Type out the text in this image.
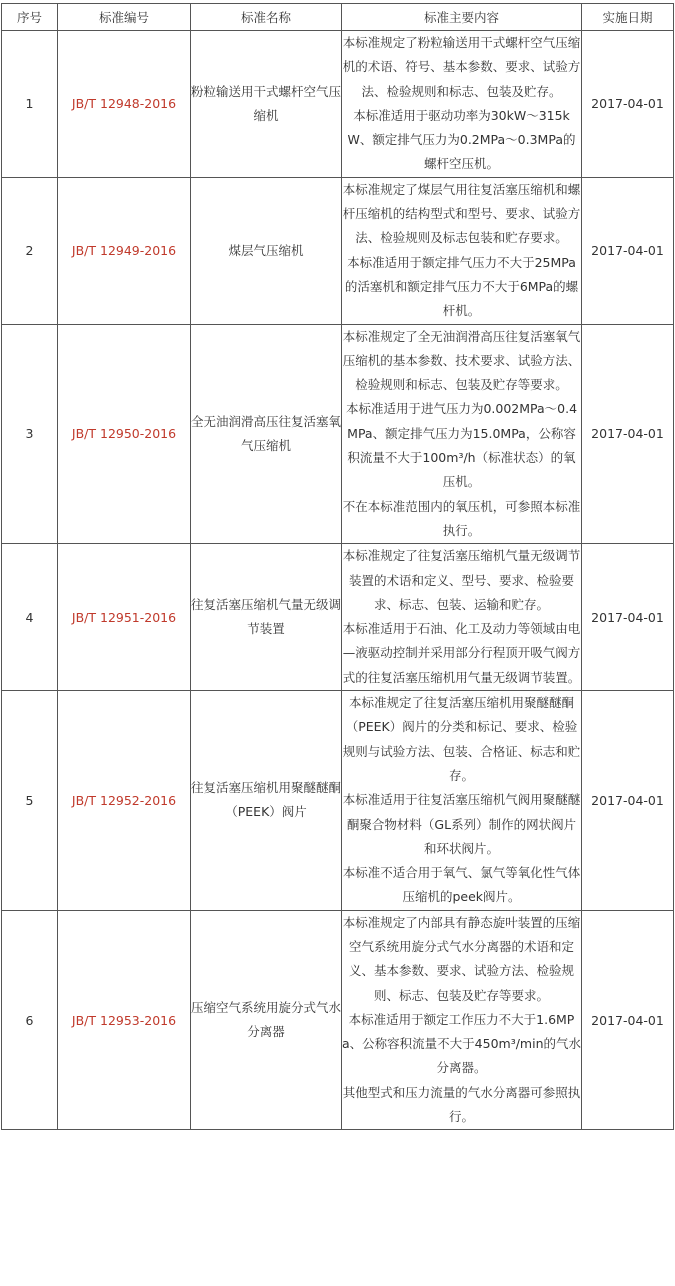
序号	标准编号	标准名称	标准主要内容	实施日期
1	JB/T 12948-2016	粉粒输送用干式螺杆空气压缩机	本标准规定了粉粒输送用干式螺杆空气压缩机的术语、符号、基本参数、要求、试验方法、检验规则和标志、包装及贮存。

本标准适用于驱动功率为30kW～315kW、额定排气压力为0.2MPa～0.3MPa的螺杆空压机。	2017-04-01
2	JB/T 12949-2016	煤层气压缩机	本标准规定了煤层气用往复活塞压缩机和螺杆压缩机的结构型式和型号、要求、试验方法、检验规则及标志包装和贮存要求。

本标准适用于额定排气压力不大于25MPa的活塞机和额定排气压力不大于6MPa的螺杆机。	2017-04-01
3	JB/T 12950-2016	全无油润滑高压往复活塞氧气压缩机	本标准规定了全无油润滑高压往复活塞氧气压缩机的基本参数、技术要求、试验方法、检验规则和标志、包装及贮存等要求。

本标准适用于进气压力为0.002MPa～0.4MPa、额定排气压力为15.0MPa，公称容积流量不大于100m³/h（标准状态）的氧压机。

不在本标准范围内的氧压机，可参照本标准执行。	2017-04-01
4	JB/T 12951-2016	往复活塞压缩机气量无级调节装置	本标准规定了往复活塞压缩机气量无级调节装置的术语和定义、型号、要求、检验要求、标志、包装、运输和贮存。

本标准适用于石油、化工及动力等领域由电—液驱动控制并采用部分行程顶开吸气阀方式的往复活塞压缩机用气量无级调节装置。	2017-04-01
5	JB/T 12952-2016	往复活塞压缩机用聚醚醚酮（PEEK）阀片	本标准规定了往复活塞压缩机用聚醚醚酮（PEEK）阀片的分类和标记、要求、检验规则与试验方法、包装、合格证、标志和贮存。

本标准适用于往复活塞压缩机气阀用聚醚醚酮聚合物材料（GL系列）制作的网状阀片和环状阀片。

本标准不适合用于氧气、氯气等氧化性气体压缩机的peek阀片。	2017-04-01
6	JB/T 12953-2016	压缩空气系统用旋分式气水分离器	本标准规定了内部具有静态旋叶装置的压缩空气系统用旋分式气水分离器的术语和定义、基本参数、要求、试验方法、检验规则、标志、包装及贮存等要求。

本标准适用于额定工作压力不大于1.6MPa、公称容积流量不大于450m³/min的气水分离器。

其他型式和压力流量的气水分离器可参照执行。	2017-04-01
